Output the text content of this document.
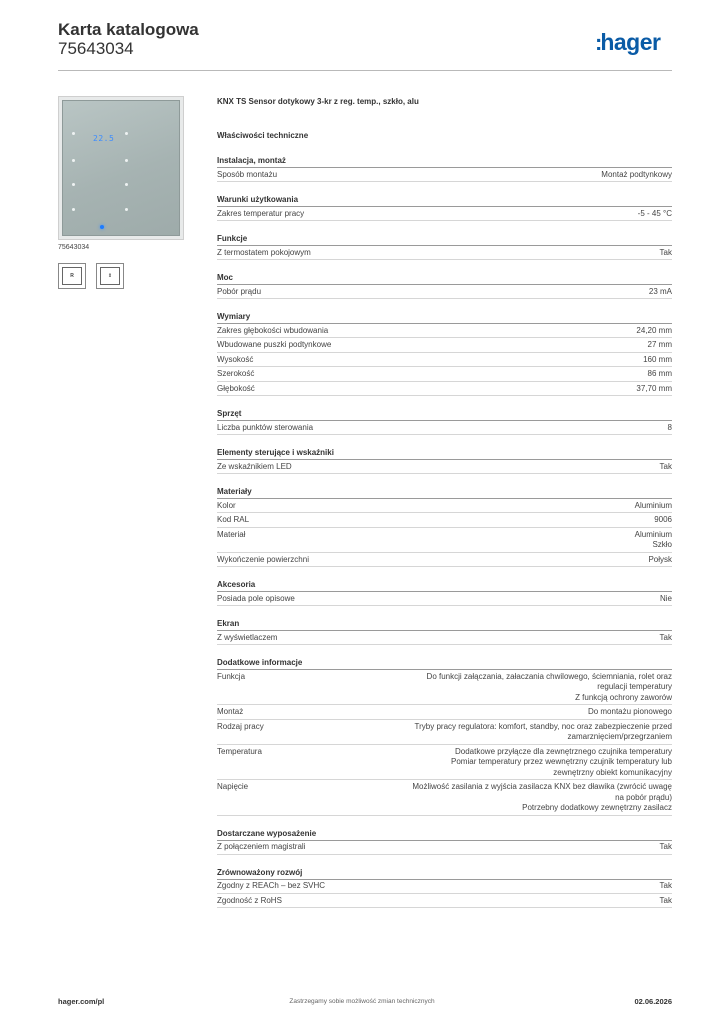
Karta katalogowa
75643034	:hager
22.5
75643034
R	⇕
KNX TS Sensor dotykowy 3-kr z reg. temp., szkło, alu
Właściwości techniczne
Instalacja, montaż
Sposób montażu	Montaż podtynkowy
Warunki użytkowania
Zakres temperatur pracy	-5 - 45 °C
Funkcje
Z termostatem pokojowym	Tak
Moc
Pobór prądu	23 mA
Wymiary
Zakres głębokości wbudowania	24,20 mm
Wbudowane puszki podtynkowe	27 mm
Wysokość	160 mm
Szerokość	86 mm
Głębokość	37,70 mm
Sprzęt
Liczba punktów sterowania	8
Elementy sterujące i wskaźniki
Ze wskaźnikiem LED	Tak
Materiały
Kolor	Aluminium
Kod RAL	9006
Materiał	Aluminium
Szkło
Wykończenie powierzchni	Połysk
Akcesoria
Posiada pole opisowe	Nie
Ekran
Z wyświetlaczem	Tak
Dodatkowe informacje
Funkcja	Do funkcji załączania, załaczania chwilowego, ściemniania, rolet oraz
regulacji temperatury
Z funkcją ochrony zaworów
Montaż	Do montażu pionowego
Rodzaj pracy	Tryby pracy regulatora: komfort, standby, noc oraz zabezpieczenie przed
zamarznięciem/przegrzaniem
Temperatura	Dodatkowe przyłącze dla zewnętrznego czujnika temperatury
Pomiar temperatury przez wewnętrzny czujnik temperatury lub
zewnętrzny obiekt komunikacyjny
Napięcie	Możliwość zasilania z wyjścia zasilacza KNX bez dławika (zwrócić uwagę
na pobór prądu)
Potrzebny dodatkowy zewnętrzny zasilacz
Dostarczane wyposażenie
Z połączeniem magistrali	Tak
Zrównoważony rozwój
Zgodny z REACh – bez SVHC	Tak
Zgodność z RoHS	Tak
hager.com/pl	Zastrzegamy sobie możliwość zmian technicznych	02.06.2026
